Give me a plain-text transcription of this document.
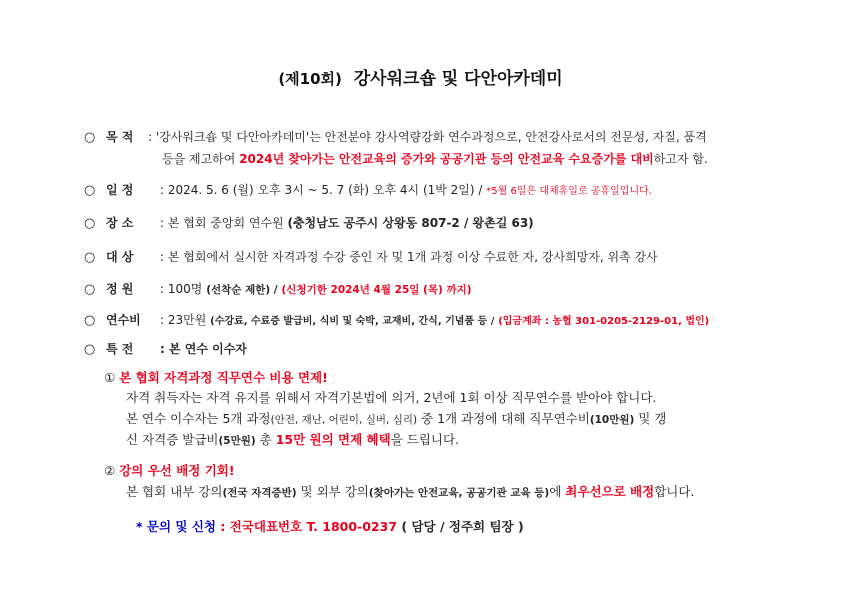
(제10회) 강사워크숍 및 다안아카데미
○ 목 적 : '강사워크숍 및 다안아카데미'는 안전분야 강사역량강화 연수과정으로, 안전강사로서의 전문성, 자질, 품격
등을 제고하여 2024년 찾아가는 안전교육의 증가와 공공기관 등의 안전교육 수요증가를 대비하고자 함.
○ 일 정 : 2024. 5. 6 (월) 오후 3시 ~ 5. 7 (화) 오후 4시 (1박 2일) / *5월 6일은 대체휴일로 공휴일입니다.
○ 장 소 : 본 협회 중앙회 연수원 (충청남도 공주시 상왕동 807-2 / 왕촌길 63)
○ 대 상 : 본 협회에서 실시한 자격과정 수강 중인 자 및 1개 과정 이상 수료한 자, 강사희망자, 위촉 강사
○ 정 원 : 100명 (선착순 제한) / (신청기한 2024년 4월 25일 (목) 까지)
○ 연수비 : 23만원 (수강료, 수료증 발급비, 식비 및 숙박, 교재비, 간식, 기념품 등 / (입금계좌 : 농협 301-0205-2129-01, 법인)
○ 특 전 : 본 연수 이수자
① 본 협회 자격과정 직무연수 비용 면제!
자격 취득자는 자격 유지를 위해서 자격기본법에 의거, 2년에 1회 이상 직무연수를 받아야 합니다.
본 연수 이수자는 5개 과정(안전, 재난, 어린이, 실버, 심리) 중 1개 과정에 대해 직무연수비(10만원) 및 갱
신 자격증 발급비(5만원) 총 15만 원의 면제 혜택을 드립니다.
② 강의 우선 배정 기회!
본 협회 내부 강의(전국 자격증반) 및 외부 강의(찾아가는 안전교육, 공공기관 교육 등)에 최우선으로 배정합니다.
* 문의 및 신청 : 전국대표번호 T. 1800-0237 ( 담당 / 정주희 팀장 )
